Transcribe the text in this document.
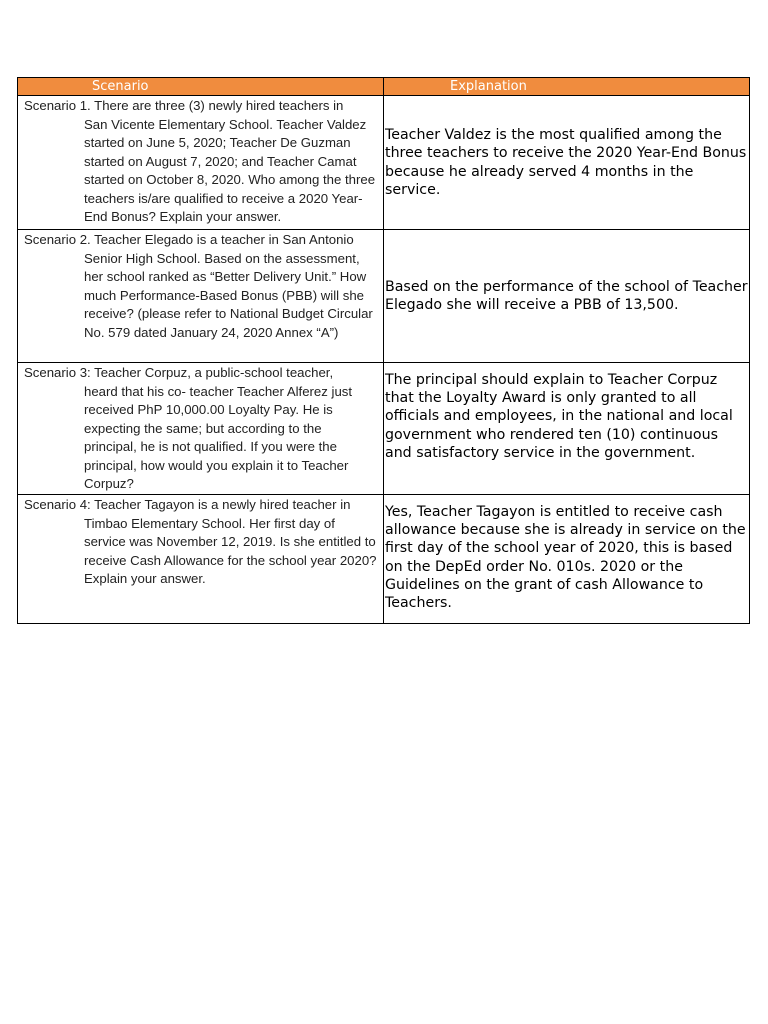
Scenario	Explanation
Scenario 1. There are three (3) newly hired teachers in
San Vicente Elementary School. Teacher Valdez started on June 5, 2020; Teacher De Guzman started on August 7, 2020; and Teacher Camat started on October 8, 2020. Who among the three teachers is/are qualified to receive a 2020 Year-End Bonus? Explain your answer.
Teacher Valdez is the most qualified among the three teachers to receive the 2020 Year-End Bonus because he already served 4 months in the service.
Scenario 2. Teacher Elegado is a teacher in San Antonio
Senior High School. Based on the assessment, her school ranked as “Better Delivery Unit.” How much Performance-Based Bonus (PBB) will she receive? (please refer to National Budget Circular No. 579 dated January 24, 2020 Annex “A”)
Based on the performance of the school of Teacher Elegado she will receive a PBB of 13,500.
Scenario 3: Teacher Corpuz, a public-school teacher,
heard that his co- teacher Teacher Alferez just received PhP 10,000.00 Loyalty Pay. He is expecting the same; but according to the principal, he is not qualified. If you were the principal, how would you explain it to Teacher Corpuz?
The principal should explain to Teacher Corpuz that the Loyalty Award is only granted to all officials and employees, in the national and local government who rendered ten (10) continuous and satisfactory service in the government.
Scenario 4: Teacher Tagayon is a newly hired teacher in
Timbao Elementary School. Her first day of service was November 12, 2019. Is she entitled to receive Cash Allowance for the school year 2020? Explain your answer.
Yes, Teacher Tagayon is entitled to receive cash allowance because she is already in service on the first day of the school year of 2020, this is based on the DepEd order No. 010s. 2020 or the Guidelines on the grant of cash Allowance to Teachers.
